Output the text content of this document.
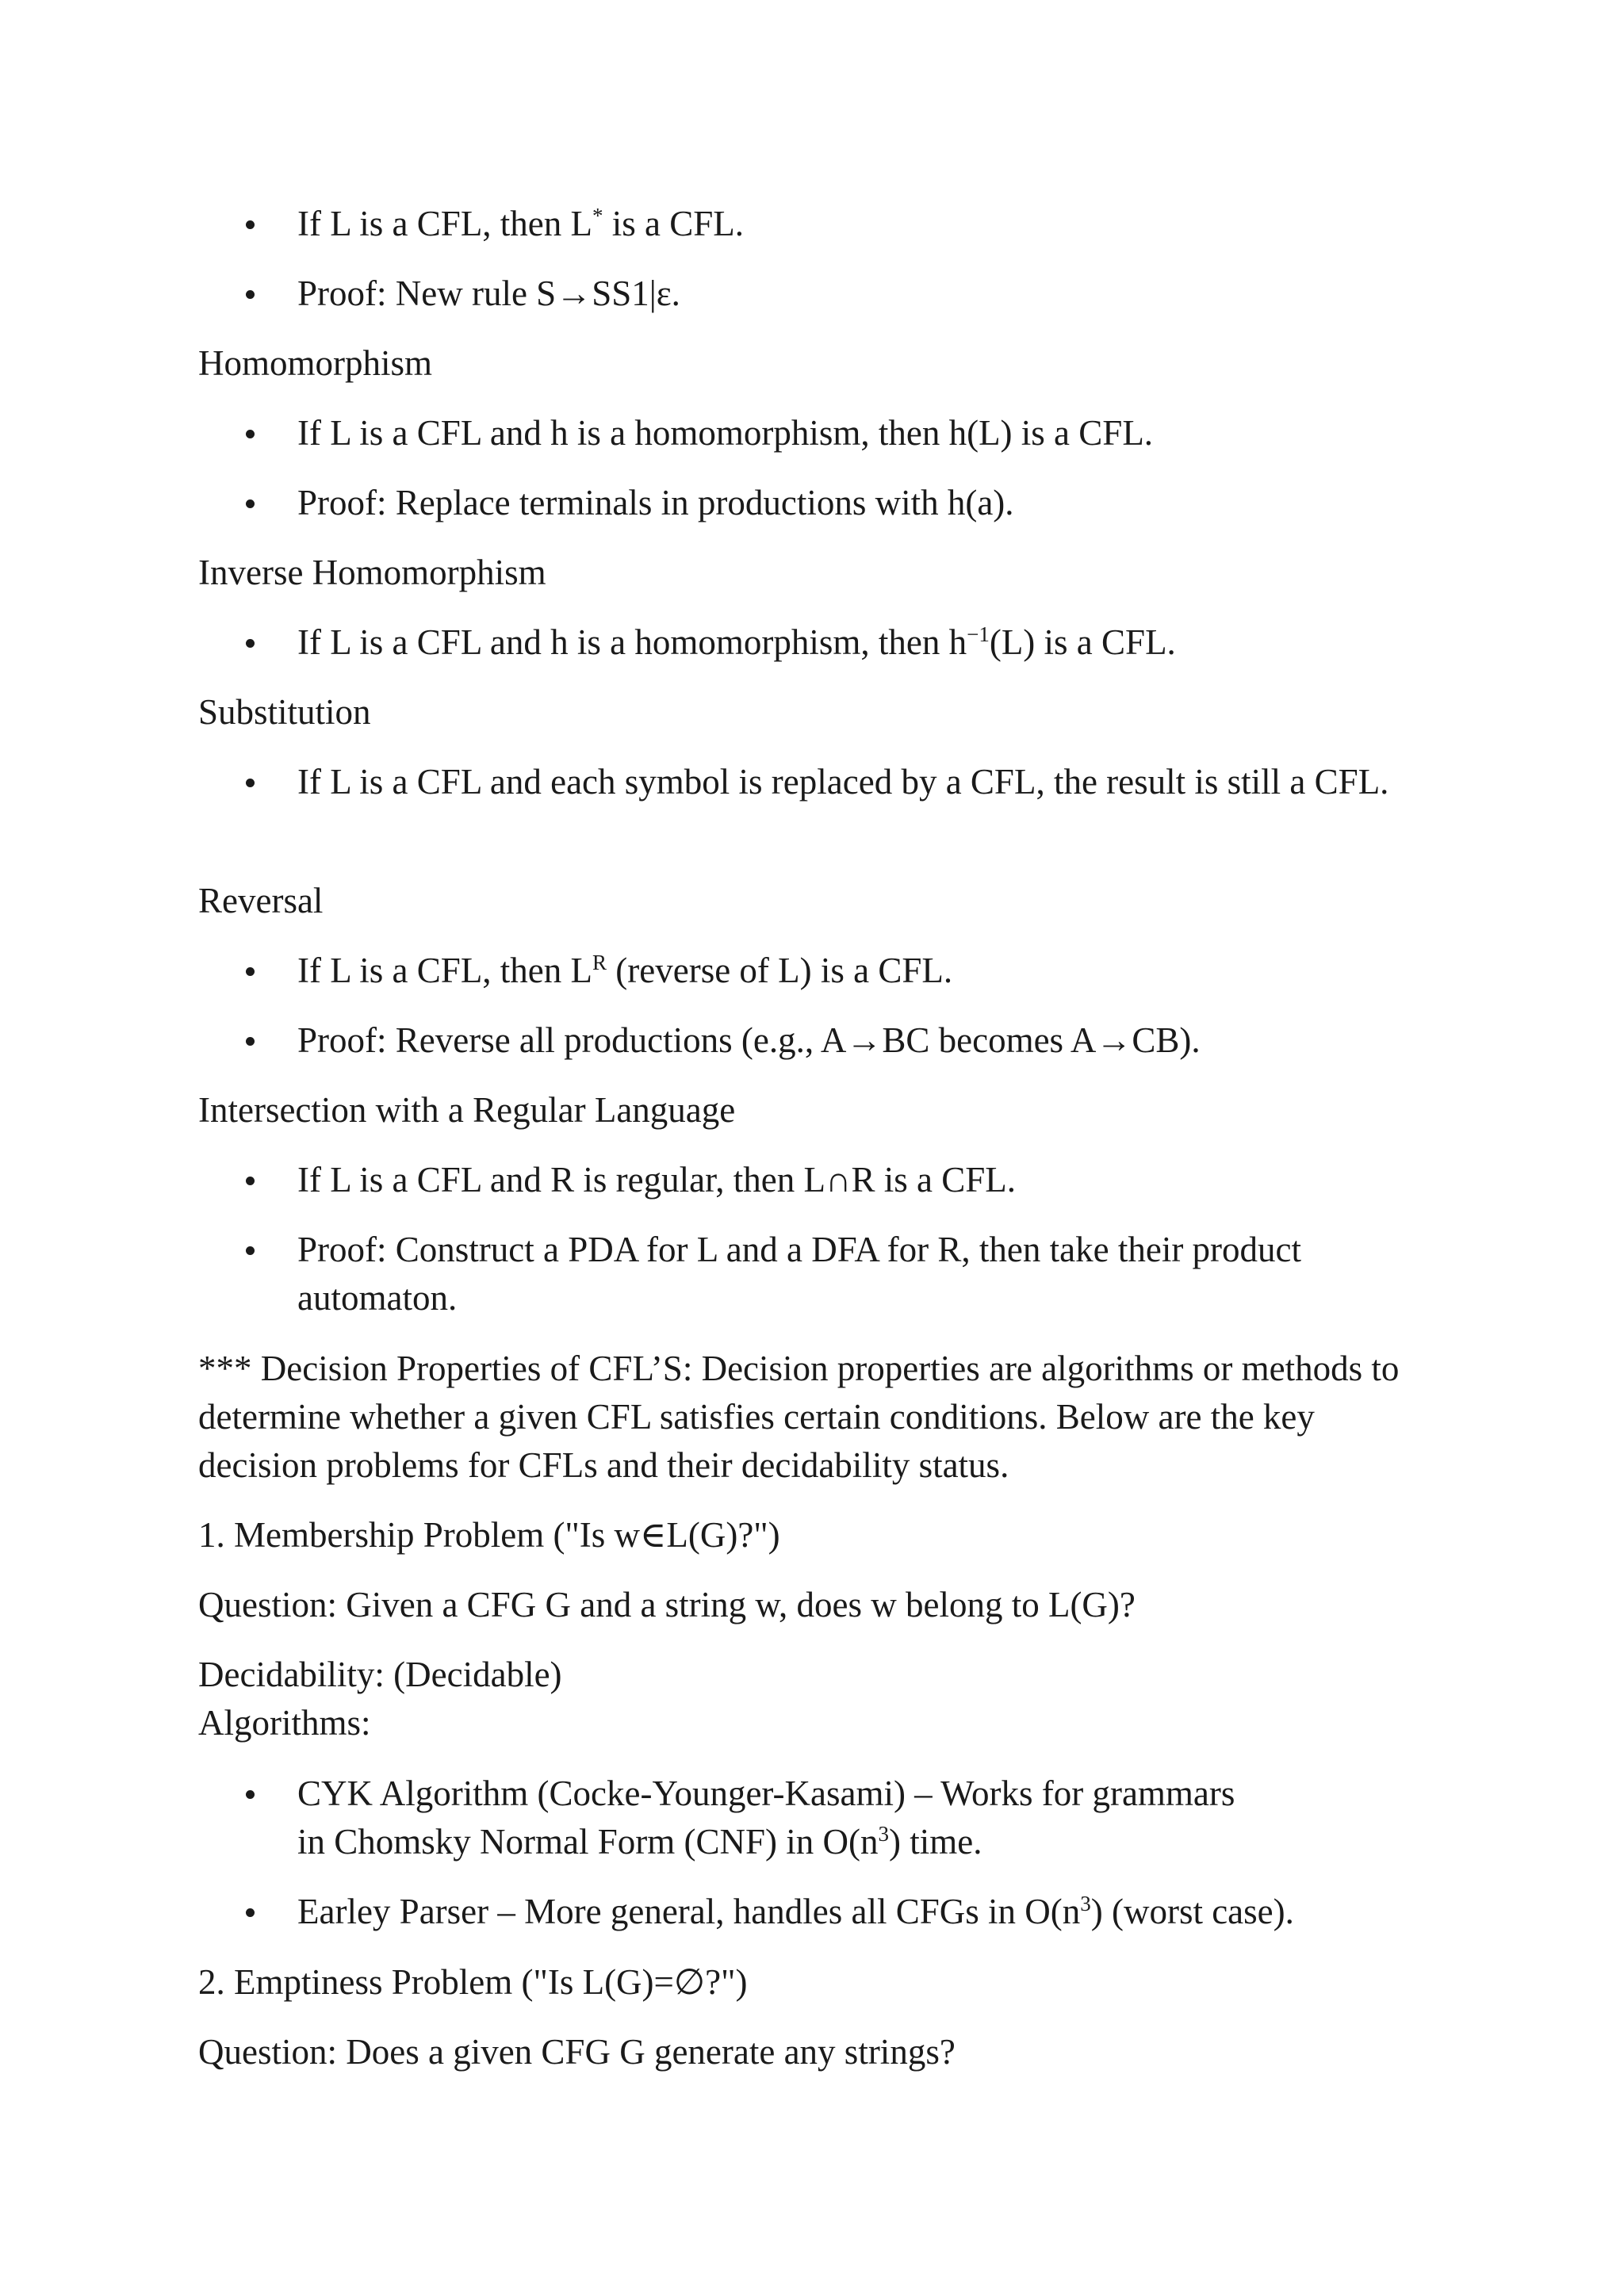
If L is a CFL, then L* is a CFL.
Proof: New rule S→SS1|ε.
Homomorphism
If L is a CFL and h is a homomorphism, then h(L) is a CFL.
Proof: Replace terminals in productions with h(a).
Inverse Homomorphism
If L is a CFL and h is a homomorphism, then $h^{-1}(L)$ is a CFL.
Substitution
If L is a CFL and each symbol is replaced by a CFL, the result is still a CFL.
Reversal
If L is a CFL, then $L^R$ (reverse of L) is a CFL.
Proof: Reverse all productions (e.g., A→BC becomes A→CB).
Intersection with a Regular Language
If L is a CFL and R is regular, then L∩R is a CFL.
Proof: Construct a PDA for L and a DFA for R, then take their product automaton.
*** Decision Properties of CFL’S: Decision properties are algorithms or methods to determine whether a given CFL satisfies certain conditions. Below are the key decision problems for CFLs and their decidability status.
1. Membership Problem ("Is w∈L(G)?")
Question: Given a CFG G and a string w, does w belong to L(G)?
Decidability: (Decidable)
Algorithms:
CYK Algorithm (Cocke-Younger-Kasami) – Works for grammars
in Chomsky Normal Form (CNF) in $O(n^3)$ time.
Earley Parser – More general, handles all CFGs in $O(n^3)$ (worst case).
2. Emptiness Problem ("Is L(G)=∅?")
Question: Does a given CFG G generate any strings?
